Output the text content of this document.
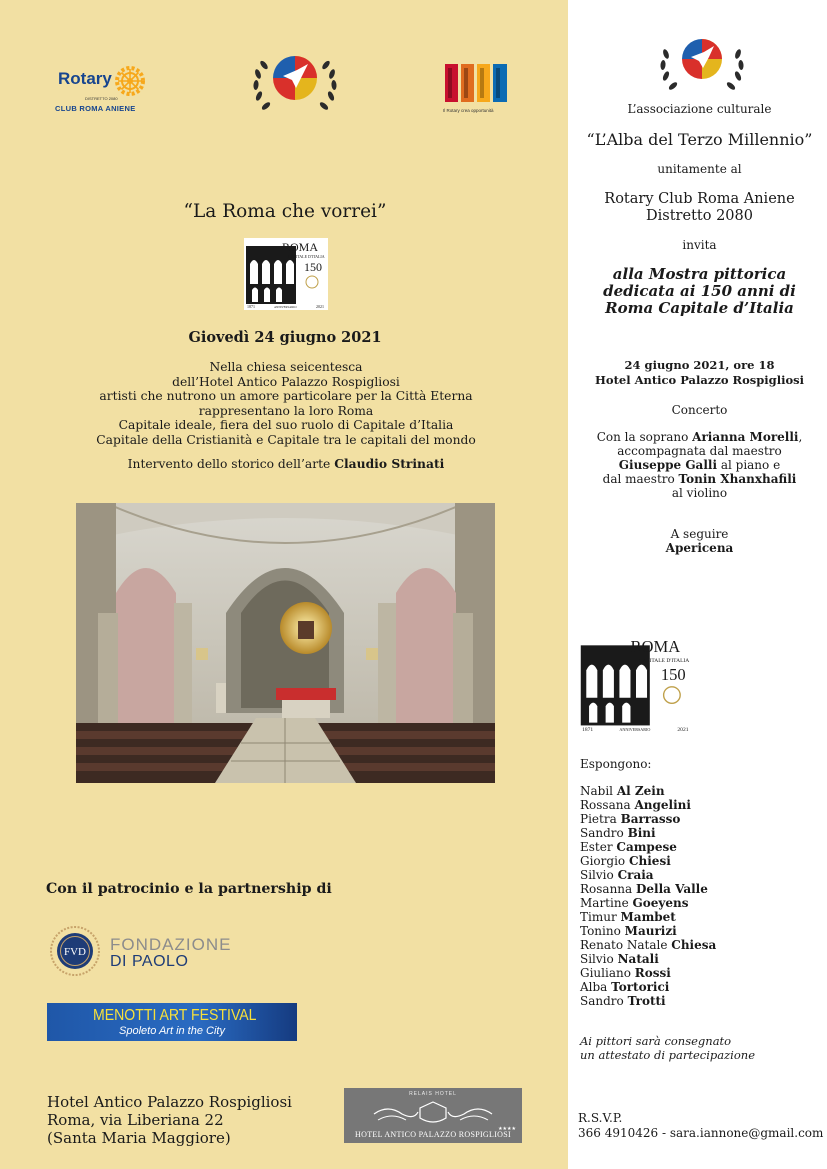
Rotary
DISTRETTO 2080
CLUB ROMA ANIENE	Il Rotary crea opportunità
“La Roma che vorrei”
ROMA
CAPITALE D'ITALIA
150
1871	ANNIVERSARIO	2021
Giovedì 24 giugno 2021
Nella chiesa seicentesca
dell’Hotel Antico Palazzo Rospigliosi
artisti che nutrono un amore particolare per la Città Eterna
rappresentano la loro Roma
Capitale ideale, fiera del suo ruolo di Capitale d’Italia
Capitale della Cristianità e Capitale tra le capitali del mondo
Intervento dello storico dell’arte Claudio Strinati
Con il patrocinio e la partnership di
FVD FONDAZIONE
DI PAOLO
MENOTTI ART FESTIVAL
Spoleto Art in the City
Hotel Antico Palazzo Rospigliosi
Roma, via Liberiana 22
(Santa Maria Maggiore)
RELAIS HOTEL
★★★★
HOTEL ANTICO PALAZZO ROSPIGLIOSI
L’associazione culturale
“L’Alba del Terzo Millennio”
unitamente al
Rotary Club Roma Aniene
Distretto 2080
invita
alla Mostra pittorica
dedicata ai 150 anni di
Roma Capitale d’Italia
24 giugno 2021, ore 18
Hotel Antico Palazzo Rospigliosi
Concerto
Con la soprano Arianna Morelli,
accompagnata dal maestro
Giuseppe Galli al piano e
dal maestro Tonin Xhanxhafili
al violino
A seguire
Apericena
ROMA
CAPITALE D'ITALIA
150
1871	ANNIVERSARIO	2021
Espongono:
Nabil Al Zein
Rossana Angelini
Pietra Barrasso
Sandro Bini
Ester Campese
Giorgio Chiesi
Silvio Craia
Rosanna Della Valle
Martine Goeyens
Timur Mambet
Tonino Maurizi
Renato Natale Chiesa
Silvio Natali
Giuliano Rossi
Alba Tortorici
Sandro Trotti
Ai pittori sarà consegnato
un attestato di partecipazione
R.S.V.P.
366 4910426 - sara.iannone@gmail.com
